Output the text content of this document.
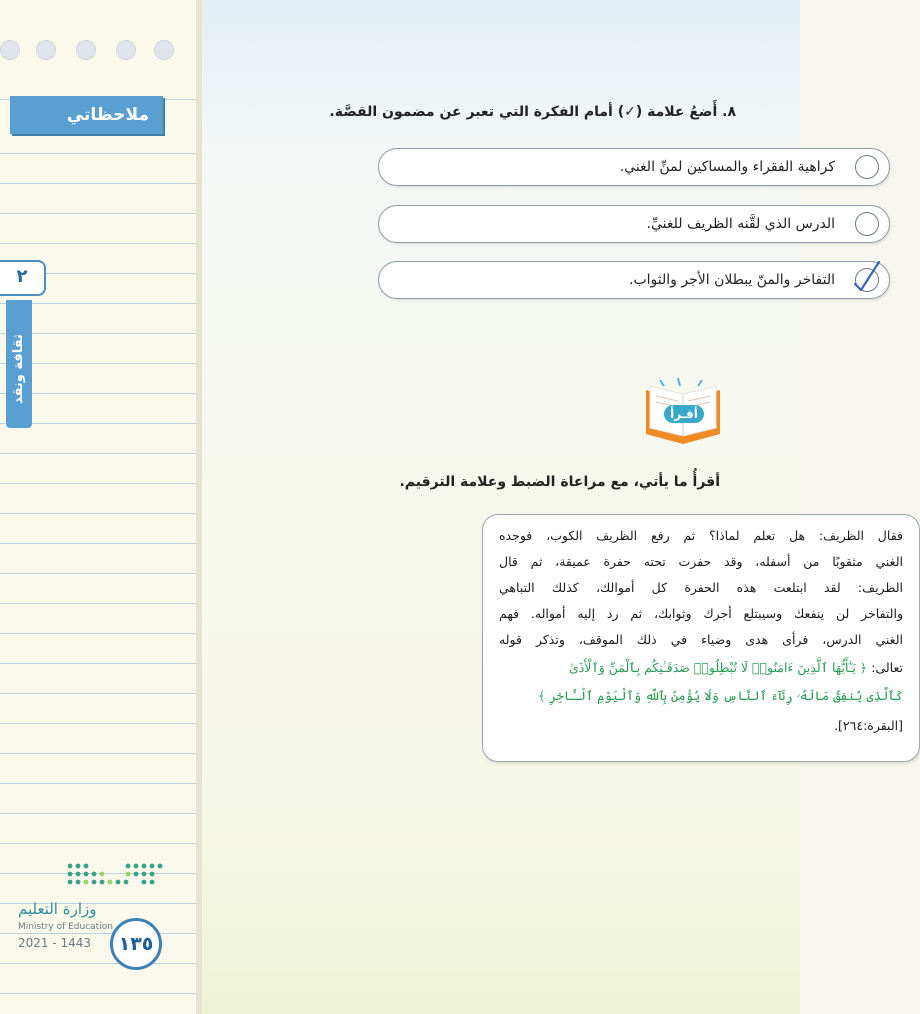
ملاحظاتي
٢
ثقافة ونقد
وزارة التعليم
Ministry of Education
2021 - 1443	١٣٥
٨. أَضعُ علامة (✓) أمام الفكرة التي تعبر عن مضمون القصَّة.
كراهية الفقراء والمساكين لمنِّ الغني.
الدرس الذي لقَّنه الظريف للغنيِّ.
التفاخر والمنّ يبطلان الأجر والثواب.
أقـرأ
أقرأُ ما يأتي، مع مراعاة الضبط وعلامة الترقيم.
فقال الظريف: هل تعلم لماذا؟ ثم رفع الظريف الكوب، فوجده
الغني مثقوبًا من أسفله، وقد حفرت تحته حفرة عميقة، ثم قال
الظريف: لقد ابتلعت هذه الحفرة كل أموالك، كذلك التباهي
والتفاخر لن ينفعك وسيبتلع أجرك وثوابك، ثم رد إليه أمواله. فهم
الغني الدرس، فرأى هدى وضياء في ذلك الموقف، وتذكر قوله
تعالى: ﴿ يَـٰٓأَيُّهَا ٱلَّذِينَ ءَامَنُوا۟ لَا تُبْطِلُوا۟ صَدَقَـٰتِكُم بِٱلْمَنِّ وَٱلْأَذَىٰ
كَٱلَّذِى يُنفِقُ مَالَهُۥ رِئَآءَ ٱلنَّاسِ وَلَا يُؤْمِنُ بِٱللَّهِ وَٱلْيَوْمِ ٱلْـَٔاخِرِ ﴾
[البقرة:٢٦٤].
